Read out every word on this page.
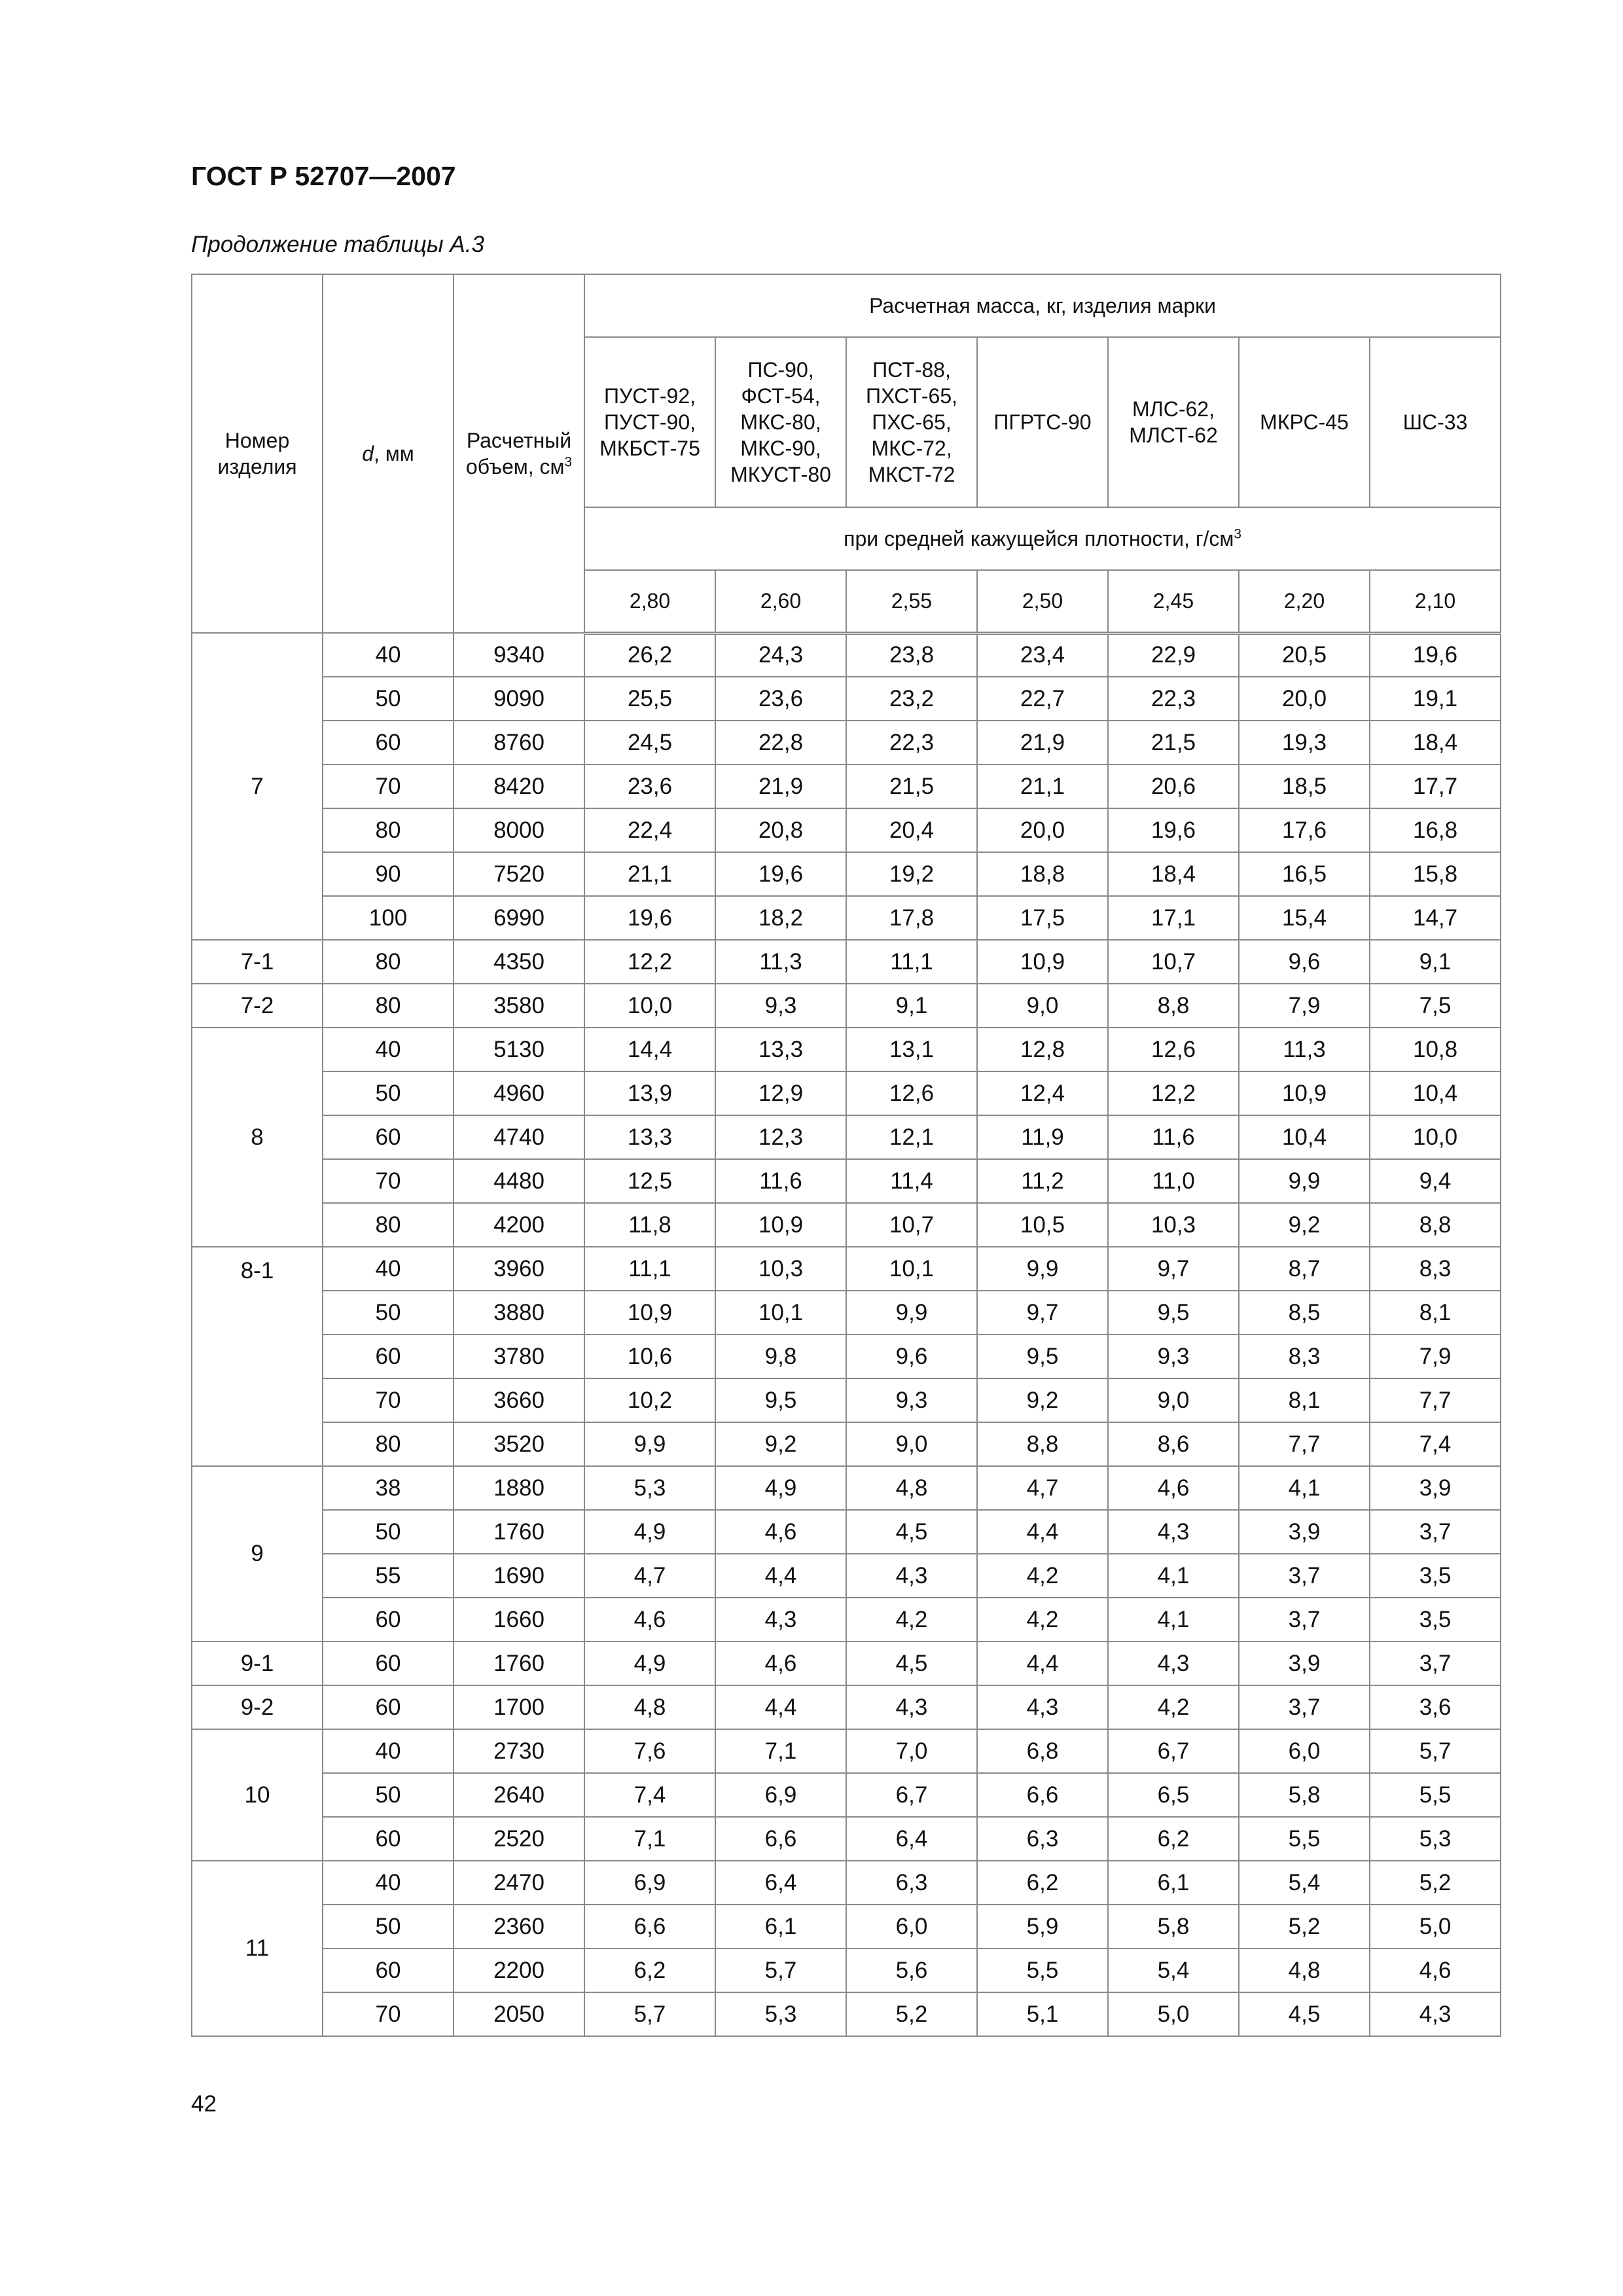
ГОСТ Р 52707—2007

Продолжение таблицы А.3

Номер изделия	d, мм	Расчетный объем, $см^3$	Расчетная масса, кг, изделия марки						

			ПУСТ-92,
ПУСТ-90,
МКБСТ-75	ПС-90,
ФСТ-54,
МКС-80,
МКС-90,
МКУСТ-80	ПСТ-88,
ПХСТ-65,
ПХС-65,
МКС-72,
МКСТ-72	ПГРТС-90	МЛС-62,
МЛСТ-62	МКРС-45	ШС-33

			при средней кажущейся плотности, $г/см^3$
			2,80	2,60	2,55	2,50	2,45	2,20	2,10
7	40	9340	26,2	24,3	23,8	23,4	22,9	20,5	19,6
	50	9090	25,5	23,6	23,2	22,7	22,3	20,0	19,1
	60	8760	24,5	22,8	22,3	21,9	21,5	19,3	18,4
	70	8420	23,6	21,9	21,5	21,1	20,6	18,5	17,7
	80	8000	22,4	20,8	20,4	20,0	19,6	17,6	16,8
	90	7520	21,1	19,6	19,2	18,8	18,4	16,5	15,8
	100	6990	19,6	18,2	17,8	17,5	17,1	15,4	14,7
7-1	80	4350	12,2	11,3	11,1	10,9	10,7	9,6	9,1
7-2	80	3580	10,0	9,3	9,1	9,0	8,8	7,9	7,5
8	40	5130	14,4	13,3	13,1	12,8	12,6	11,3	10,8
	50	4960	13,9	12,9	12,6	12,4	12,2	10,9	10,4
	60	4740	13,3	12,3	12,1	11,9	11,6	10,4	10,0
	70	4480	12,5	11,6	11,4	11,2	11,0	9,9	9,4
	80	4200	11,8	10,9	10,7	10,5	10,3	9,2	8,8
8-1	40	3960	11,1	10,3	10,1	9,9	9,7	8,7	8,3
	50	3880	10,9	10,1	9,9	9,7	9,5	8,5	8,1
	60	3780	10,6	9,8	9,6	9,5	9,3	8,3	7,9
	70	3660	10,2	9,5	9,3	9,2	9,0	8,1	7,7
	80	3520	9,9	9,2	9,0	8,8	8,6	7,7	7,4
9	38	1880	5,3	4,9	4,8	4,7	4,6	4,1	3,9
	50	1760	4,9	4,6	4,5	4,4	4,3	3,9	3,7
	55	1690	4,7	4,4	4,3	4,2	4,1	3,7	3,5
	60	1660	4,6	4,3	4,2	4,2	4,1	3,7	3,5
9-1	60	1760	4,9	4,6	4,5	4,4	4,3	3,9	3,7
9-2	60	1700	4,8	4,4	4,3	4,3	4,2	3,7	3,6
10	40	2730	7,6	7,1	7,0	6,8	6,7	6,0	5,7
	50	2640	7,4	6,9	6,7	6,6	6,5	5,8	5,5
	60	2520	7,1	6,6	6,4	6,3	6,2	5,5	5,3
11	40	2470	6,9	6,4	6,3	6,2	6,1	5,4	5,2
	50	2360	6,6	6,1	6,0	5,9	5,8	5,2	5,0
	60	2200	6,2	5,7	5,6	5,5	5,4	4,8	4,6
	70	2050	5,7	5,3	5,2	5,1	5,0	4,5	4,3

42
